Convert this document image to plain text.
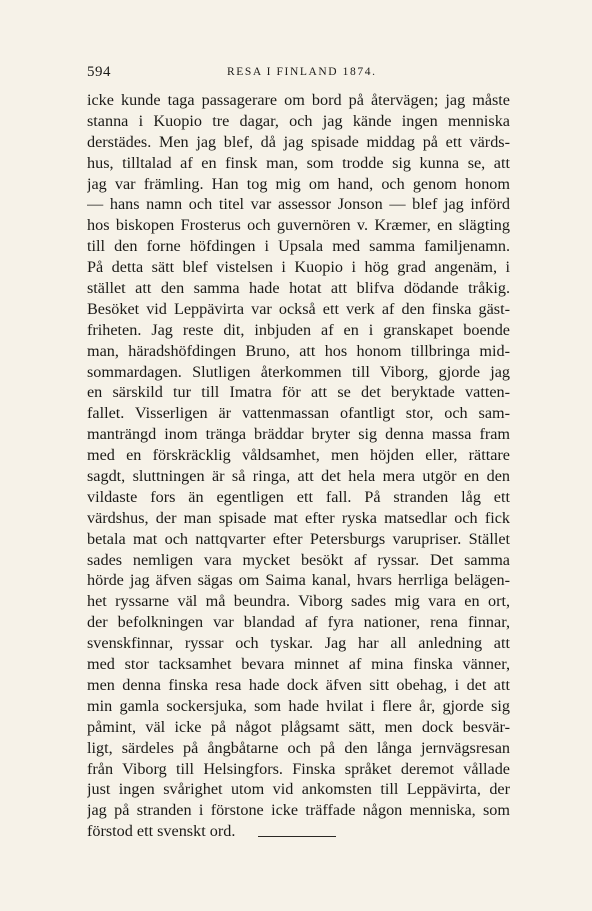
594	RESA I FINLAND 1874.
icke kunde taga passagerare om bord på återvägen; jag måste
stanna i Kuopio tre dagar, och jag kände ingen menniska
derstädes. Men jag blef, då jag spisade middag på ett värds-
hus, tilltalad af en finsk man, som trodde sig kunna se, att
jag var främling. Han tog mig om hand, och genom honom
— hans namn och titel var assessor Jonson — blef jag införd
hos biskopen Frosterus och guvernören v. Kræmer, en slägting
till den forne höfdingen i Upsala med samma familjenamn.
På detta sätt blef vistelsen i Kuopio i hög grad angenäm, i
stället att den samma hade hotat att blifva dödande tråkig.
Besöket vid Leppävirta var också ett verk af den finska gäst-
friheten. Jag reste dit, inbjuden af en i granskapet boende
man, häradshöfdingen Bruno, att hos honom tillbringa mid-
sommardagen. Slutligen återkommen till Viborg, gjorde jag
en särskild tur till Imatra för att se det beryktade vatten-
fallet. Visserligen är vattenmassan ofantligt stor, och sam-
manträngd inom tränga bräddar bryter sig denna massa fram
med en förskräcklig våldsamhet, men höjden eller, rättare
sagdt, sluttningen är så ringa, att det hela mera utgör en den
vildaste fors än egentligen ett fall. På stranden låg ett
värdshus, der man spisade mat efter ryska matsedlar och fick
betala mat och nattqvarter efter Petersburgs varupriser. Stället
sades nemligen vara mycket besökt af ryssar. Det samma
hörde jag äfven sägas om Saima kanal, hvars herrliga belägen-
het ryssarne väl må beundra. Viborg sades mig vara en ort,
der befolkningen var blandad af fyra nationer, rena finnar,
svenskfinnar, ryssar och tyskar. Jag har all anledning att
med stor tacksamhet bevara minnet af mina finska vänner,
men denna finska resa hade dock äfven sitt obehag, i det att
min gamla sockersjuka, som hade hvilat i flere år, gjorde sig
påmint, väl icke på något plågsamt sätt, men dock besvär-
ligt, särdeles på ångbåtarne och på den långa jernvägsresan
från Viborg till Helsingfors. Finska språket deremot vållade
just ingen svårighet utom vid ankomsten till Leppävirta, der
jag på stranden i förstone icke träffade någon menniska, som
förstod ett svenskt ord.
